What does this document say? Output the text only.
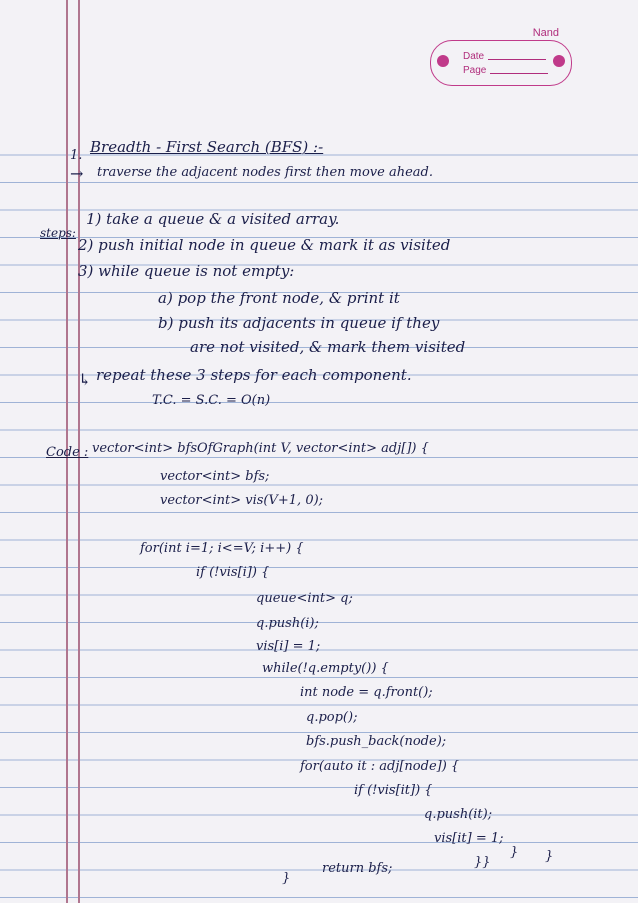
Nand
Date
Page
1. Breadth - First Search (BFS) :-
→ traverse the adjacent nodes first then move ahead.
steps:
1) take a queue & a visited array.
2) push initial node in queue & mark it as visited
3) while queue is not empty:
a) pop the front node, & print it
b) push its adjacents in queue if they
are not visited, & mark them visited
↳ repeat these 3 steps for each component.
T.C. = S.C. = O(n)
Code : vector<int> bfsOfGraph(int V, vector<int> adj[]) {
vector<int> bfs;
vector<int> vis(V+1, 0);
for(int i=1; i<=V; i++) {
if (!vis[i]) {
queue<int> q;
q.push(i);
vis[i] = 1;
while(!q.empty()) {
int node = q.front();
q.pop();
bfs.push_back(node);
for(auto it : adj[node]) {
if (!vis[it]) {
q.push(it);
vis[it] = 1;
}
}}
}
}
return bfs;
